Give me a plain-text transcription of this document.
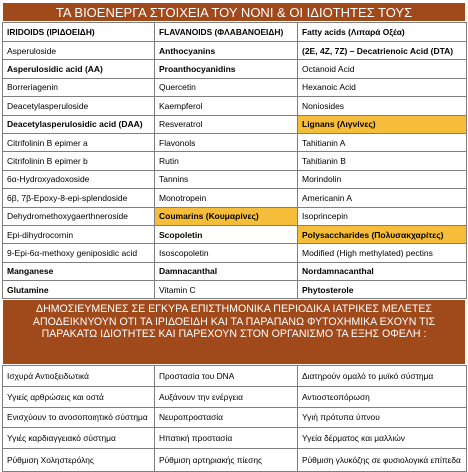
ΤΑ ΒΙΟΕΝΕΡΓΑ ΣΤΟΙΧΕΙΑ ΤΟΥ ΝΟΝΙ & ΟΙ ΙΔΙΟΤΗΤΕΣ ΤΟΥΣ
IRIDOIDS (ΙΡΙΔΟΕΙΔΗ)	FLAVANOIDS (ΦΛΑΒΑΝΟΕΙΔΗ)	Fatty acids (Λιπαρά Οξέα)
Asperuloside	Anthocyanins	(2E, 4Z, 7Z) – Decatrienoic Acid (DTA)
Asperulosidic acid (AA)	Proanthocyanidins	Octanoid Acid
Borreriagenin	Quercetin	Hexanoic Acid
Deacetylasperuloside	Kaempferol	Noniosides
Deacetylasperulosidic acid (DAA)	Resveratrol	Lignans (Λιγνίνες)
Citrifolinin B epimer a	Flavonols	Tahitianin A
Citrifolinin B epimer b	Rutin	Tahitianin B
6α-Hydroxyadoxoside	Tannins	Morindolin
6β, 7β-Epoxy-8-epi-splendoside	Monotropein	Americanin A
Dehydromethoxygaerthneroside	Coumarins (Κουμαρίνες)	Isoprincepin
Epi-dihydrocornin	Scopoletin	Polysaccharides (Πολυσακχαρίτες)
9-Epi-6α-methoxy geniposidic acid	Isoscopoletin	Modified (High methylated) pectins
Manganese	Damnacanthal	Nordamnacanthal
Glutamine	Vitamin C	Phytosterole
ΔΗΜΟΣΙΕΥΜΕΝΕΣ ΣΕ ΕΓΚΥΡΑ ΕΠΙΣΤΗΜΟΝΙΚΑ ΠΕΡΙΟΔΙΚΑ ΙΑΤΡΙΚΕΣ ΜΕΛΕΤΕΣ
ΑΠΟΔΕΙΚΝΥΟΥΝ ΟΤΙ ΤΑ ΙΡΙΔΟΕΙΔΗ ΚΑΙ ΤΑ ΠΑΡΑΠΑΝΩ ΦΥΤΟΧΗΜΙΚΑ ΕΧΟΥΝ ΤΙΣ
ΠΑΡΑΚΑΤΩ ΙΔΙΟΤΗΤΕΣ ΚΑΙ ΠΑΡΕΧΟΥΝ ΣΤΟΝ ΟΡΓΑΝΙΣΜΟ ΤΑ ΕΞΗΣ ΟΦΕΛΗ :
Ισχυρά Αντιοξειδωτικά	Προστασία του DNA	Διατηρούν ομαλό το μυϊκό σύστημα
Υγιείς αρθρώσεις και οστά	Αυξάνουν την ενέργεια	Αντιοστεοπόρωση
Ενισχύουν το ανοσοποιητικό σύστημα	Νευροπροστασία	Υγιή πρότυπα ύπνου
Υγιές καρδιαγγειακό σύστημα	Ηπατική προστασία	Υγεία δέρματος και μαλλιών
Ρύθμιση Χοληστερόλης	Ρύθμιση αρτηριακής πίεσης	Ρύθμιση γλυκόζης σε φυσιολογικά επίπεδα
